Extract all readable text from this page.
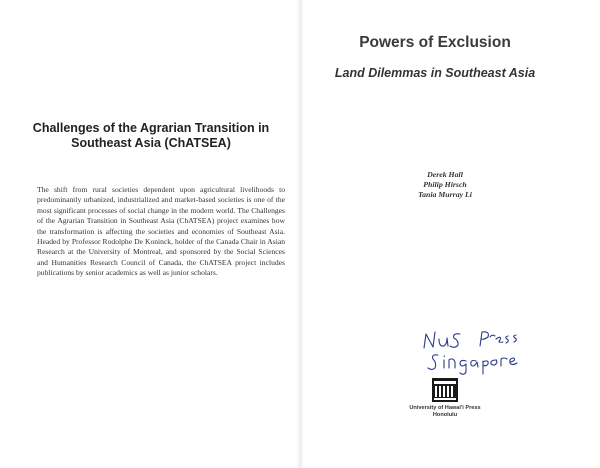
Challenges of the Agrarian Transition in Southeast Asia (ChATSEA)
The shift from rural societies dependent upon agricultural livelihoods to predominantly urbanized, industrialized and market-based societies is one of the most significant processes of social change in the modern world. The Challenges of the Agrarian Transition in Southeast Asia (ChATSEA) project examines how the transformation is affecting the societies and economies of Southeast Asia. Headed by Professor Rodolphe De Koninck, holder of the Canada Chair in Asian Research at the University of Montreal, and sponsored by the Social Sciences and Humanities Research Council of Canada, the ChATSEA project includes publications by senior academics as well as junior scholars.
Powers of Exclusion
Land Dilemmas in Southeast Asia
Derek Hall
Philip Hirsch
Tania Murray Li
University of Hawai'i Press
Honolulu
